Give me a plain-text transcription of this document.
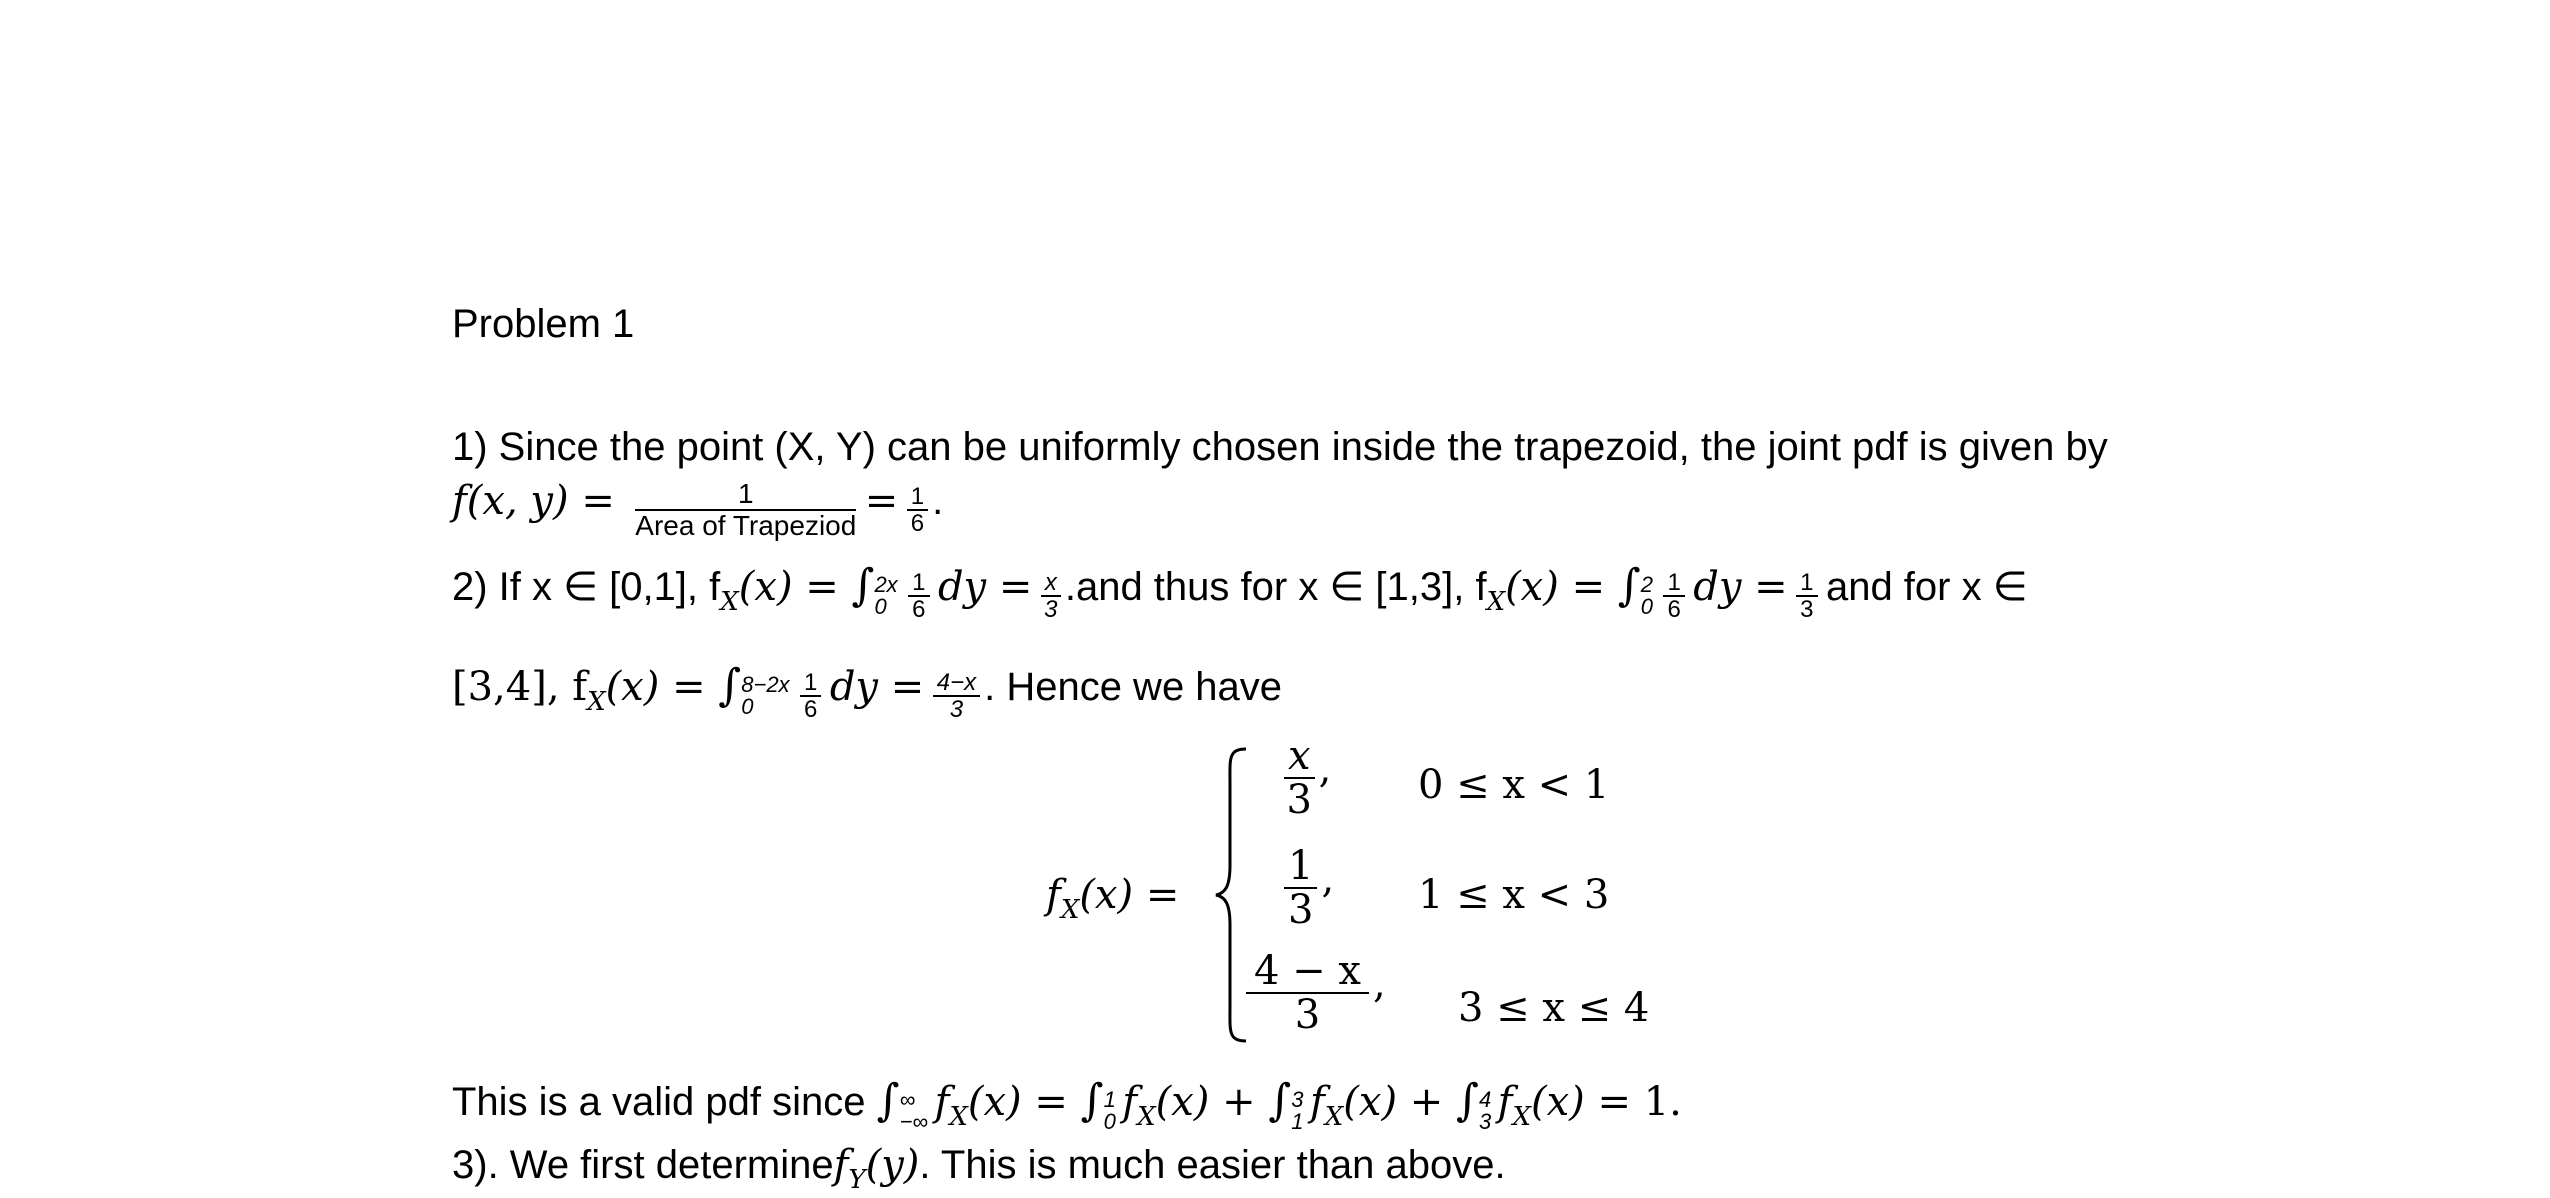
Problem 1
1) Since the point (X, Y) can be uniformly chosen inside the trapezoid, the joint pdf is given by
f(x, $y) = \frac{1}{\text{Area of Trapeziod}} = \frac{1}{6}$ .
2) If x ∈ [0,1], fX(x) = ∫ 2x
0
$\frac{1}{6}$ dy = $\frac{x}{3} .and$ thus for x ∈ [1,3], fX(x) = ∫ 2
0
$\frac{1}{6}$ dy = $\frac{1}{3}$ and for x ∈
[3,4], fX(x) = ∫ 8−2x
0
	$\frac{1}{6}$ dy = $\frac{4-x}{3}$ . Hence we have
fX(x) =
$\frac{x}{3}$ , 0 ≤ x < 1
$\frac{1}{3}$ , 1 ≤ x < 3
$\frac{4 - x}{3}$ ,
3 ≤ x ≤ 4
This is a valid pdf since ∫ ∞
−∞ fX(x) = ∫ 1
0 fX(x) + ∫ 3
1 fX(x) + ∫ 4
3 fX(x) = 1.
3). We first determinefY(y). This is much easier than above.
